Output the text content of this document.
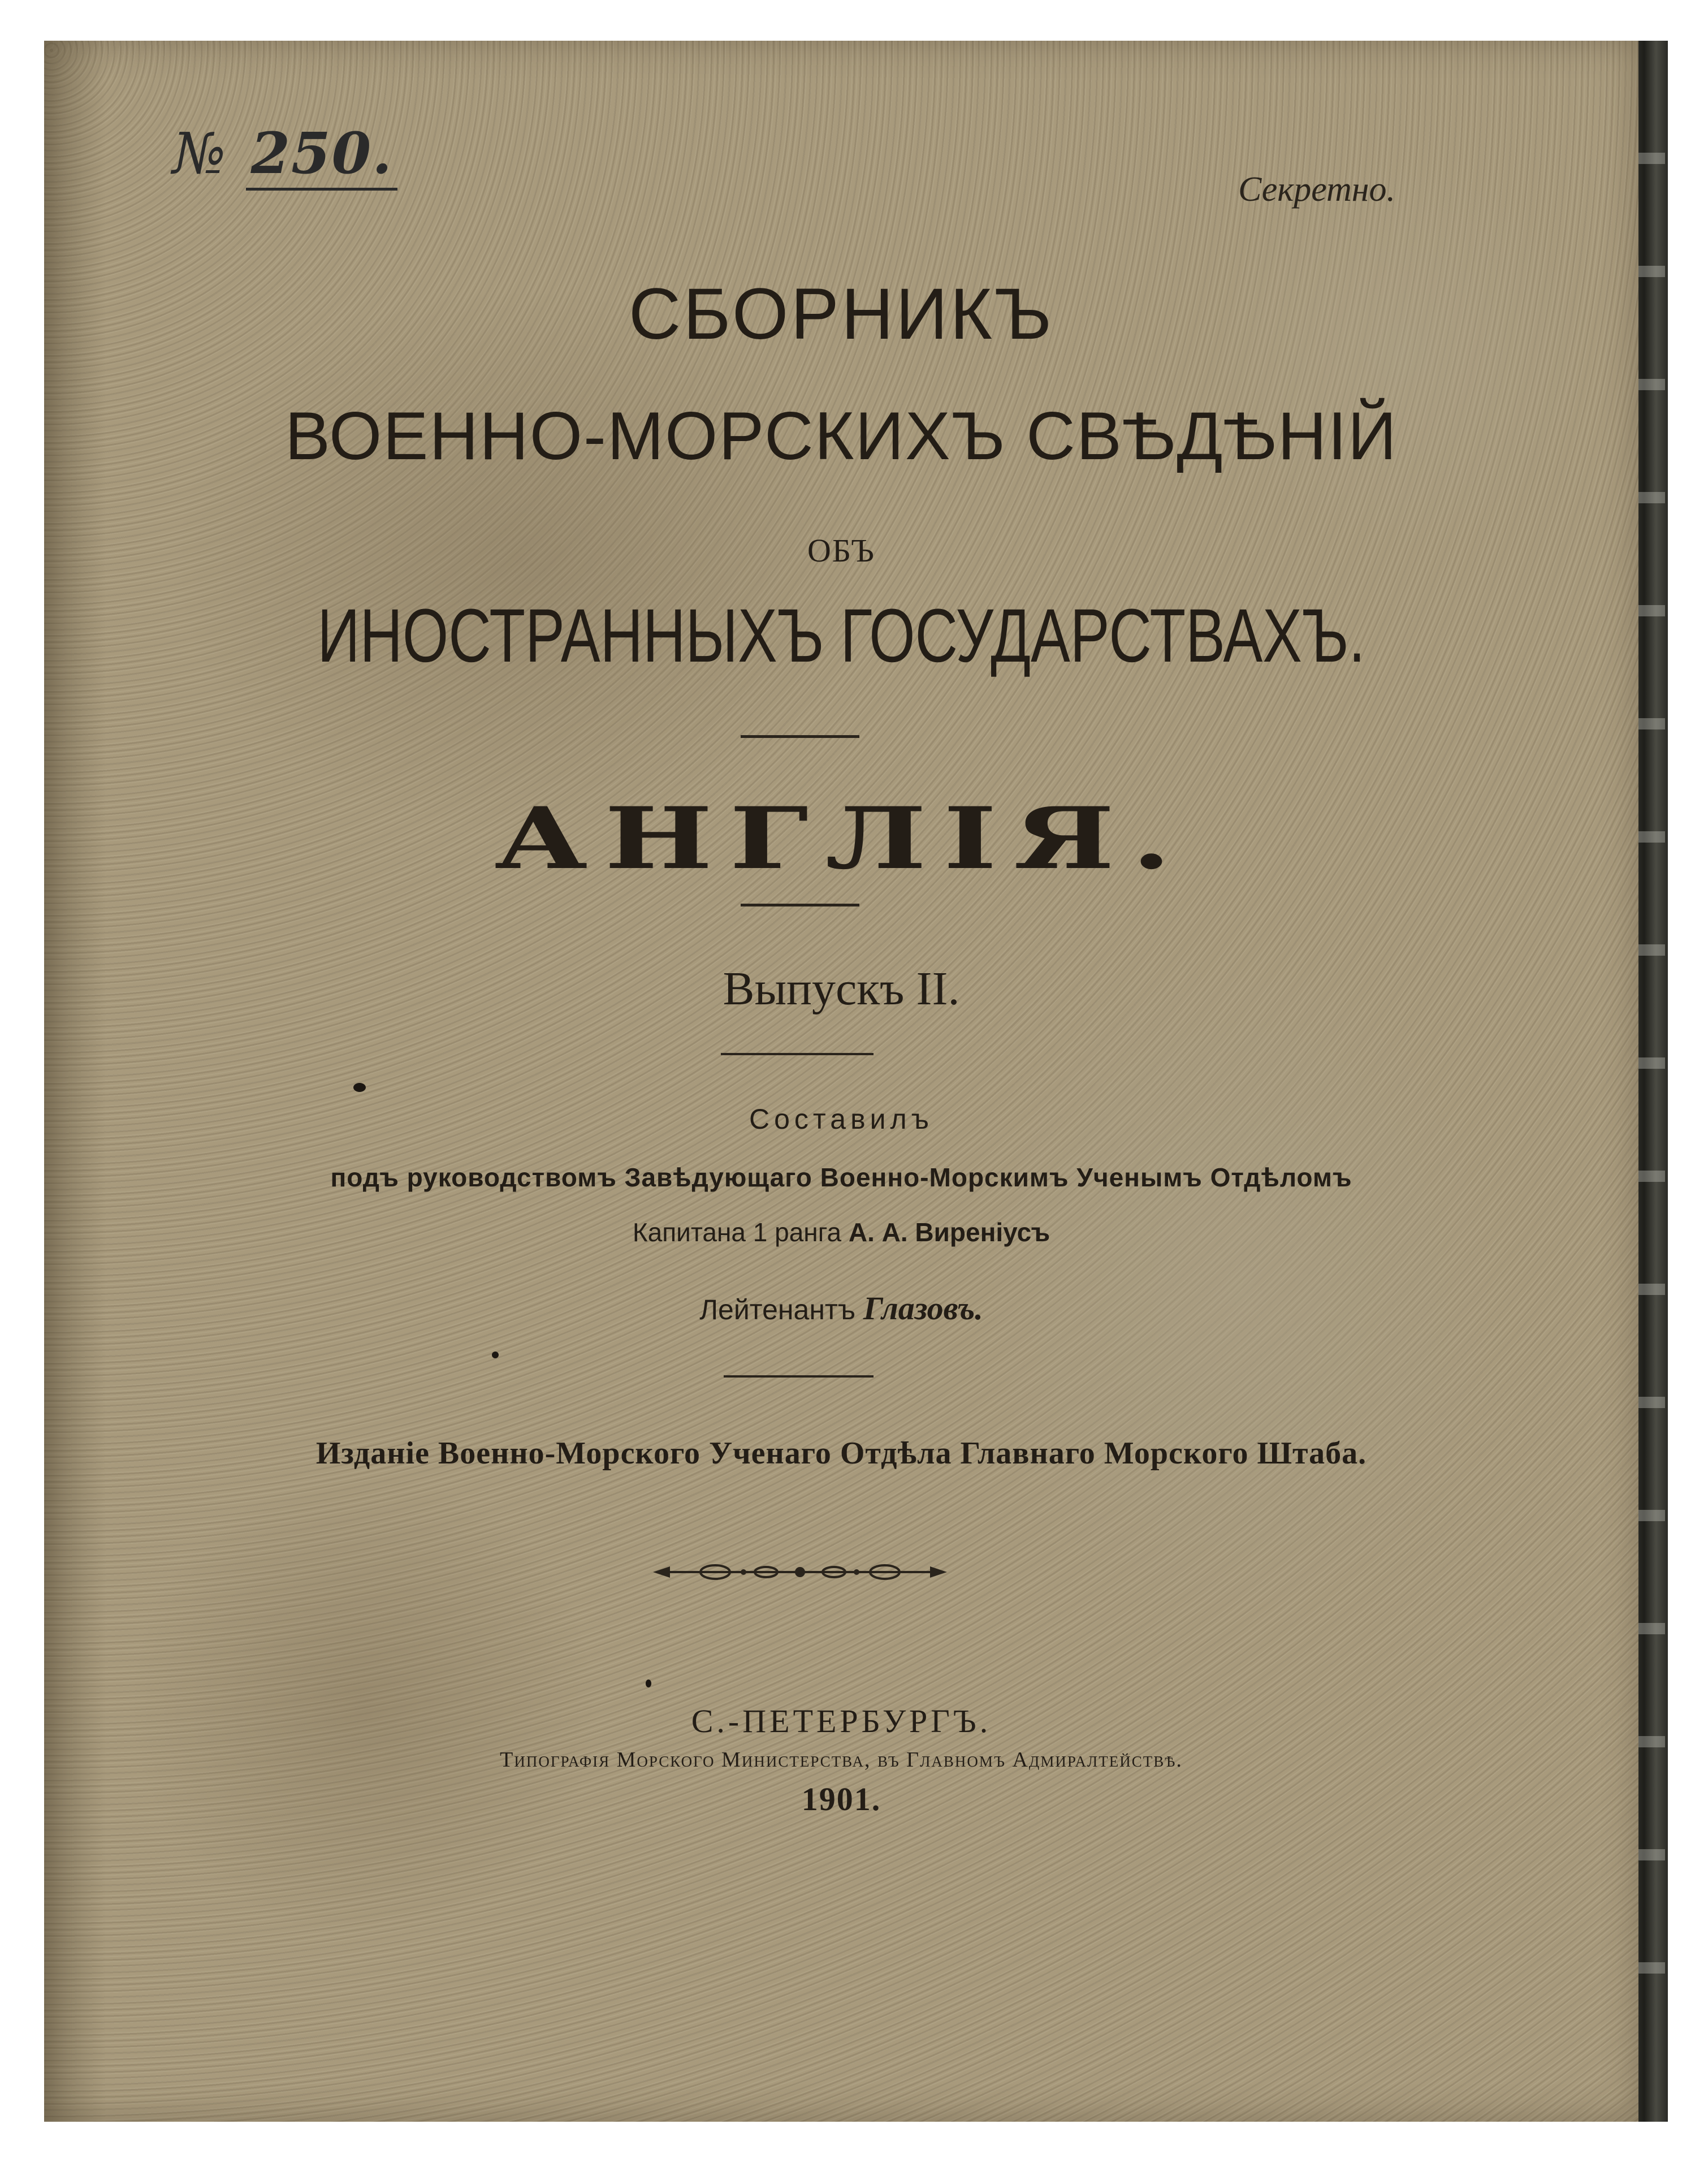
№ 250.
Секретно.
СБОРНИКЪ
ВОЕННО-МОРСКИХЪ СВѢДѢНIЙ
ОБЪ
ИНОСТРАННЫХЪ ГОСУДАРСТВАХЪ.
АНГЛIЯ.
Выпускъ II.
Составилъ
подъ руководствомъ Завѣдующаго Военно-Морскимъ Ученымъ Отдѣломъ
Капитана 1 ранга А. А. Виренiусъ
Лейтенантъ Глазовъ.
Изданiе Военно-Морского Ученаго Отдѣла Главнаго Морского Штаба.
С.-ПЕТЕРБУРГЪ.
Типографiя Морского Министерства, въ Главномъ Адмиралтействѣ.
1901.
